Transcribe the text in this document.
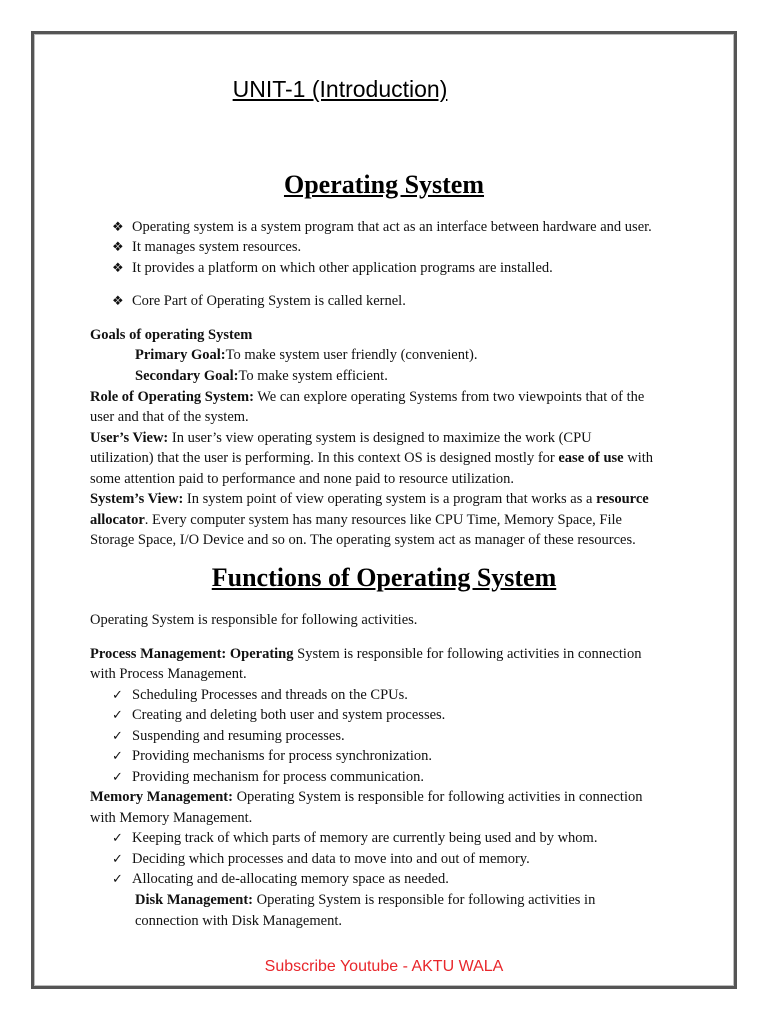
UNIT-1 (Introduction)
Operating System
❖ Operating system is a system program that act as an interface between hardware and user.
❖ It manages system resources.
❖ It provides a platform on which other application programs are installed.
❖ Core Part of Operating System is called kernel.
Goals of operating System
Primary Goal:To make system user friendly (convenient).
Secondary Goal:To make system efficient.
Role of Operating System: We can explore operating Systems from two viewpoints that of the
user and that of the system.
User’s View: In user’s view operating system is designed to maximize the work (CPU
utilization) that the user is performing. In this context OS is designed mostly for ease of use with
some attention paid to performance and none paid to resource utilization.
System’s View: In system point of view operating system is a program that works as a resource
allocator. Every computer system has many resources like CPU Time, Memory Space, File
Storage Space, I/O Device and so on. The operating system act as manager of these resources.
Functions of Operating System
Operating System is responsible for following activities.
Process Management: Operating System is responsible for following activities in connection
with Process Management.
✓ Scheduling Processes and threads on the CPUs.
✓ Creating and deleting both user and system processes.
✓ Suspending and resuming processes.
✓ Providing mechanisms for process synchronization.
✓ Providing mechanism for process communication.
Memory Management: Operating System is responsible for following activities in connection
with Memory Management.
✓ Keeping track of which parts of memory are currently being used and by whom.
✓ Deciding which processes and data to move into and out of memory.
✓ Allocating and de-allocating memory space as needed.
Disk Management: Operating System is responsible for following activities in
connection with Disk Management.
Subscribe Youtube - AKTU WALA
